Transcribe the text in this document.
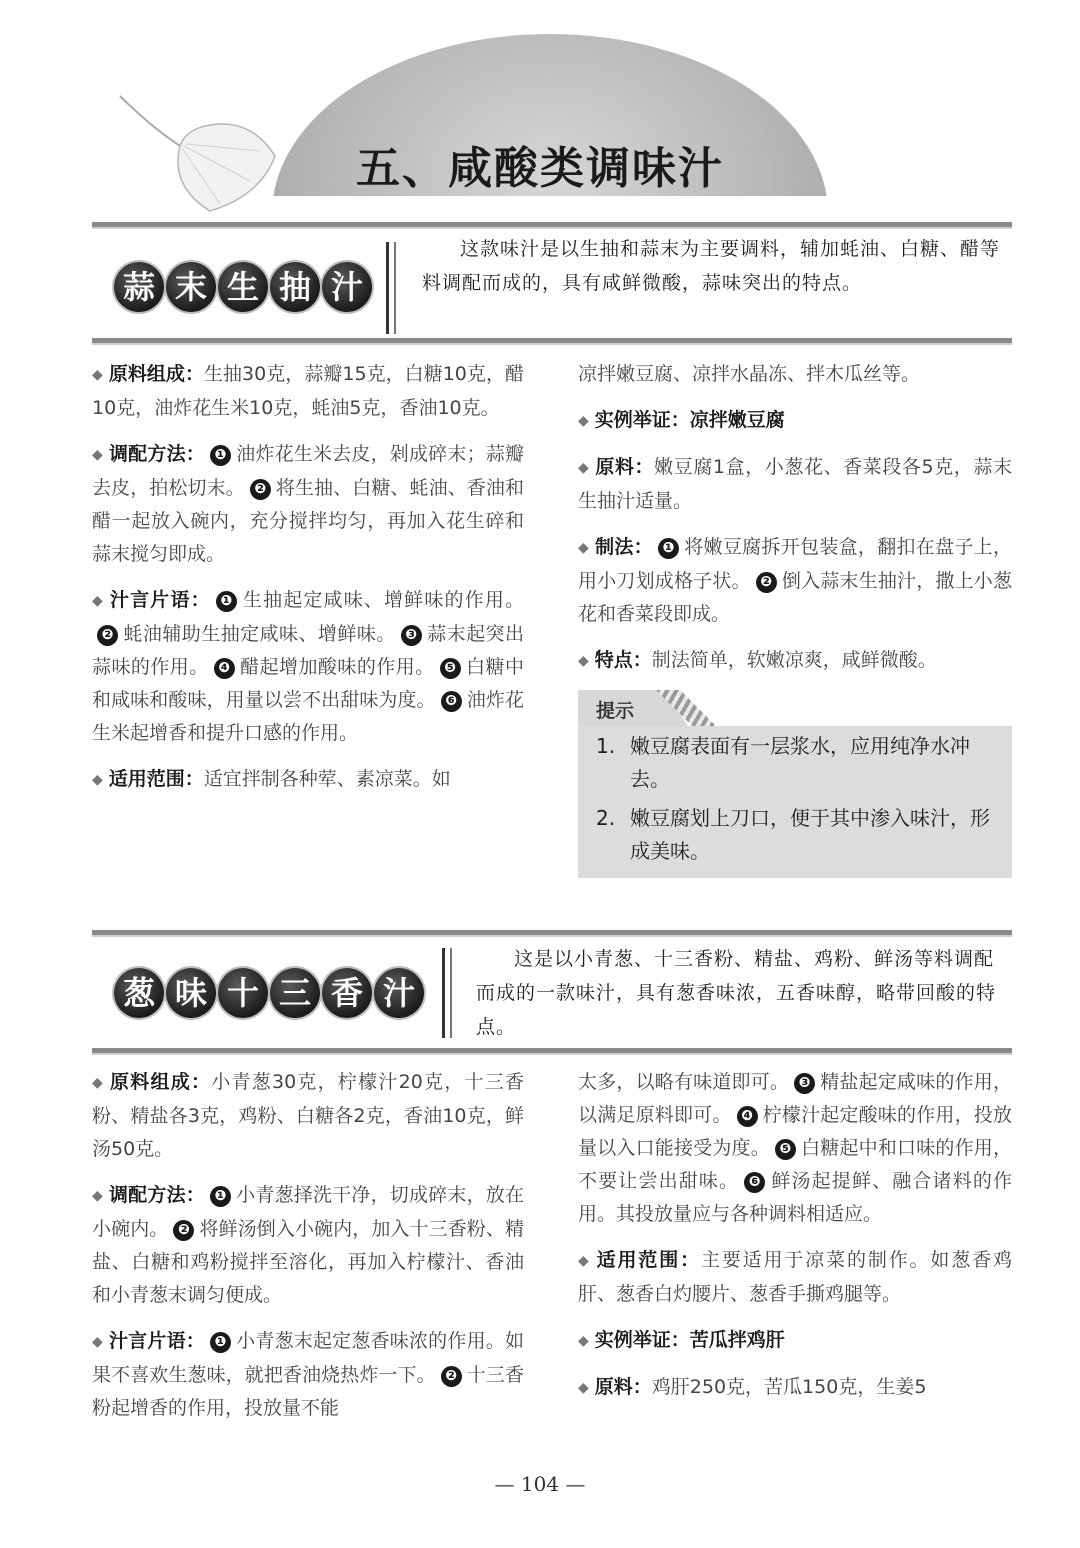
五、咸酸类调味汁
蒜 末 生 抽 汁
这款味汁是以生抽和蒜末为主要调料，辅加蚝油、白糖、醋等料调配而成的，具有咸鲜微酸，蒜味突出的特点。

◆ 原料组成：生抽30克，蒜瓣15克，白糖10克，醋10克，油炸花生米10克，蚝油5克，香油10克。

◆ 调配方法： ❶ 油炸花生米去皮，剁成碎末；蒜瓣去皮，拍松切末。 ❷ 将生抽、白糖、蚝油、香油和醋一起放入碗内，充分搅拌均匀，再加入花生碎和蒜末搅匀即成。

◆ 汁言片语： ❶ 生抽起定咸味、增鲜味的作用。❷ 蚝油辅助生抽定咸味、增鲜味。 ❸ 蒜末起突出蒜味的作用。 ❹ 醋起增加酸味的作用。 ❺ 白糖中和咸味和酸味，用量以尝不出甜味为度。 ❻ 油炸花生米起增香和提升口感的作用。

◆ 适用范围：适宜拌制各种荤、素凉菜。如

凉拌嫩豆腐、凉拌水晶冻、拌木瓜丝等。

◆ 实例举证：凉拌嫩豆腐

◆ 原料：嫩豆腐1盒，小葱花、香菜段各5克，蒜末生抽汁适量。

◆ 制法： ❶ 将嫩豆腐拆开包装盒，翻扣在盘子上，用小刀划成格子状。 ❷ 倒入蒜末生抽汁，撒上小葱花和香菜段即成。

◆ 特点：制法简单，软嫩凉爽，咸鲜微酸。

提示
1. 嫩豆腐表面有一层浆水，应用纯净水冲去。
2. 嫩豆腐划上刀口，便于其中渗入味汁，形成美味。
葱 味 十 三 香 汁
这是以小青葱、十三香粉、精盐、鸡粉、鲜汤等料调配而成的一款味汁，具有葱香味浓，五香味醇，略带回酸的特点。

◆ 原料组成：小青葱30克，柠檬汁20克，十三香粉、精盐各3克，鸡粉、白糖各2克，香油10克，鲜汤50克。

◆ 调配方法： ❶ 小青葱择洗干净，切成碎末，放在小碗内。 ❷ 将鲜汤倒入小碗内，加入十三香粉、精盐、白糖和鸡粉搅拌至溶化，再加入柠檬汁、香油和小青葱末调匀便成。

◆ 汁言片语： ❶ 小青葱末起定葱香味浓的作用。如果不喜欢生葱味，就把香油烧热炸一下。 ❷ 十三香粉起增香的作用，投放量不能

太多，以略有味道即可。 ❸ 精盐起定咸味的作用，以满足原料即可。 ❹ 柠檬汁起定酸味的作用，投放量以入口能接受为度。 ❺ 白糖起中和口味的作用，不要让尝出甜味。 ❻ 鲜汤起提鲜、融合诸料的作用。其投放量应与各种调料相适应。

◆ 适用范围：主要适用于凉菜的制作。如葱香鸡肝、葱香白灼腰片、葱香手撕鸡腿等。

◆ 实例举证：苦瓜拌鸡肝

◆ 原料：鸡肝250克，苦瓜150克，生姜5

— 104 —
